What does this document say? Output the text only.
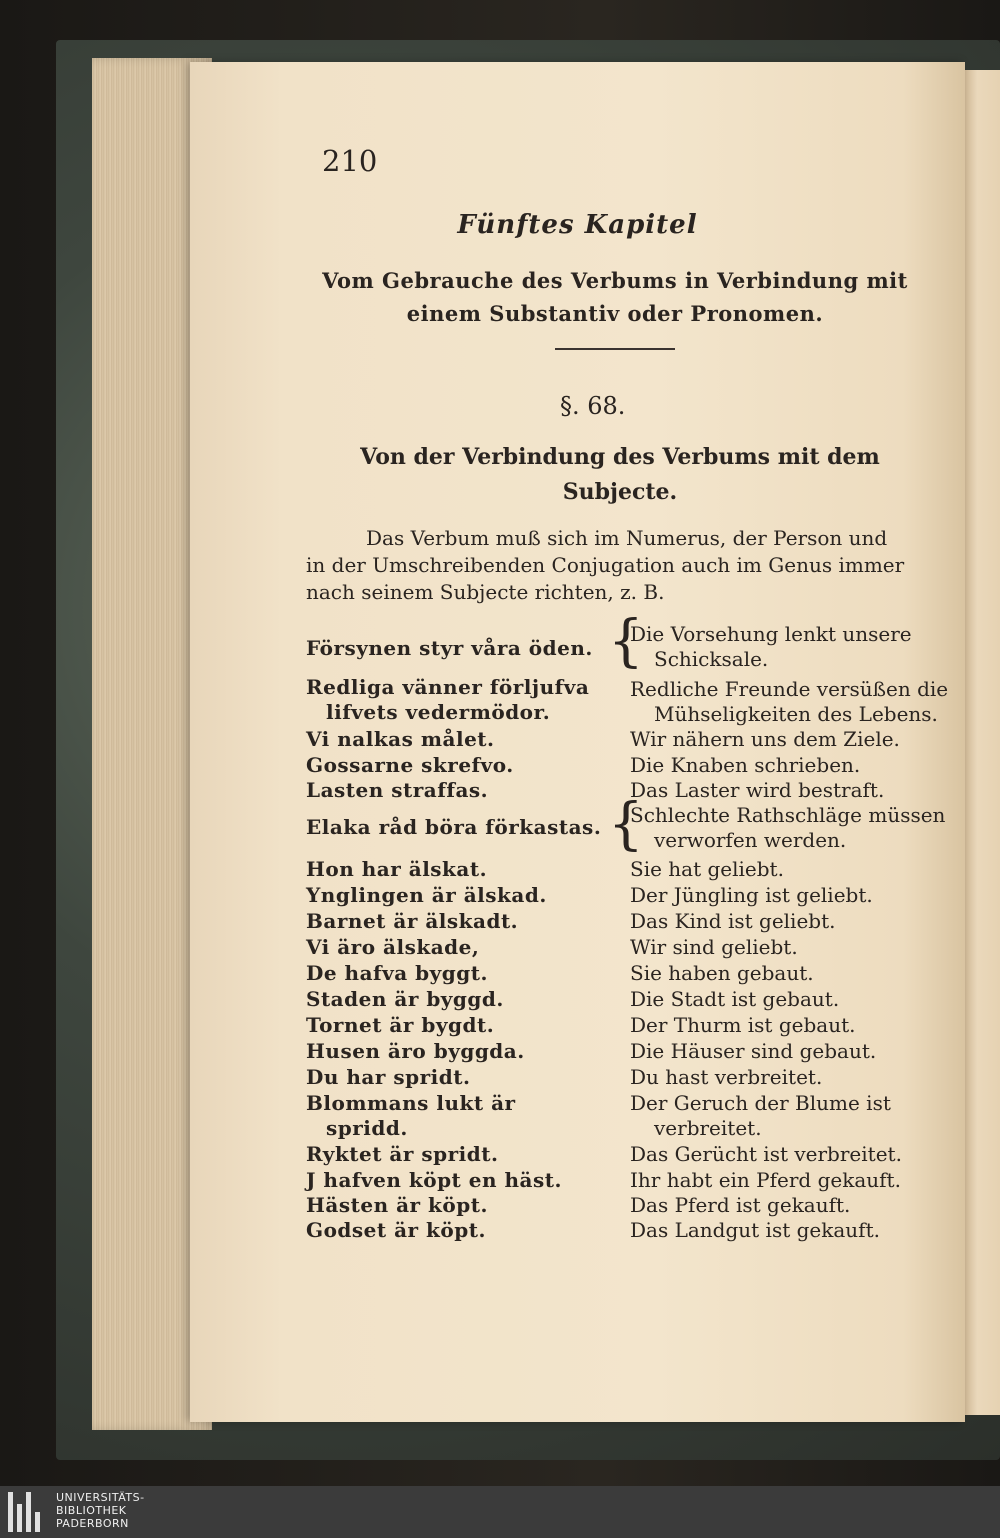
210
Fünftes Kapitel
Vom Gebrauche des Verbums in Verbindung mit
einem Substantiv oder Pronomen.
§. 68.
Von der Verbindung des Verbums mit dem
Subjecte.
Das Verbum muß sich im Numerus, der Person und
in der Umschreibenden Conjugation auch im Genus immer
nach seinem Subjecte richten, z. B.
Försynen styr våra öden.
Redliga vänner förljufva
lifvets vedermödor.
Vi nalkas målet.
Gossarne skrefvo.
Lasten straffas.
Elaka råd böra förkastas.
Hon har älskat.
Ynglingen är älskad.
Barnet är älskadt.
Vi äro älskade,
De hafva byggt.
Staden är byggd.
Tornet är bygdt.
Husen äro byggda.
Du har spridt.
Blommans lukt är
spridd.
Ryktet är spridt.
J hafven köpt en häst.
Hästen är köpt.
Godset är köpt.
{
{
Die Vorsehung lenkt unsere
Schicksale.
Redliche Freunde versüßen die
Mühseligkeiten des Lebens.
Wir nähern uns dem Ziele.
Die Knaben schrieben.
Das Laster wird bestraft.
Schlechte Rathschläge müssen
verworfen werden.
Sie hat geliebt.
Der Jüngling ist geliebt.
Das Kind ist geliebt.
Wir sind geliebt.
Sie haben gebaut.
Die Stadt ist gebaut.
Der Thurm ist gebaut.
Die Häuser sind gebaut.
Du hast verbreitet.
Der Geruch der Blume ist
verbreitet.
Das Gerücht ist verbreitet.
Ihr habt ein Pferd gekauft.
Das Pferd ist gekauft.
Das Landgut ist gekauft.
UNIVERSITÄTS-
BIBLIOTHEK
PADERBORN
